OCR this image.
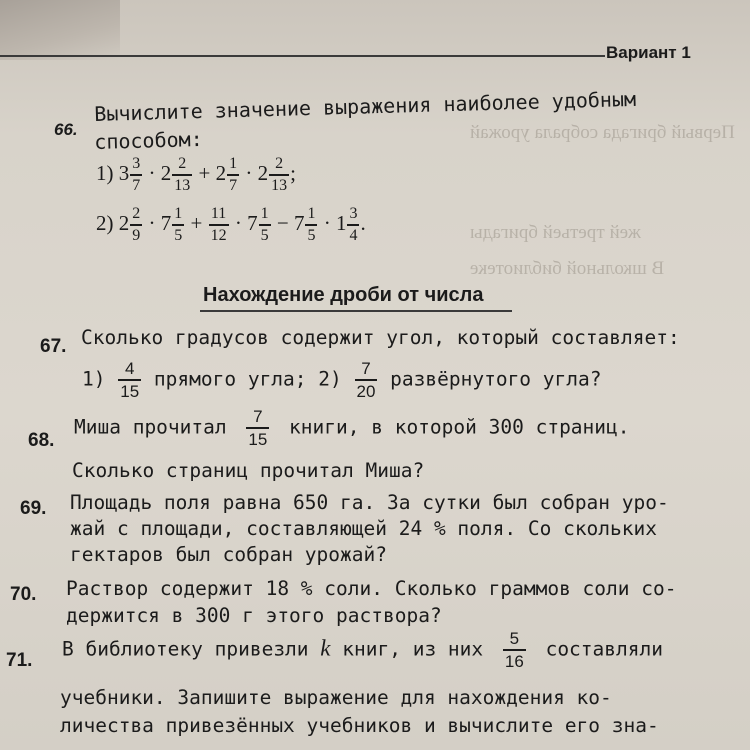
Первый бригада собрала урожай
жей третьей бригады
В школьной библиотеке
Вариант 1
66.
Вычислите значение выражения наиболее удобным
способом:
1) $3 \frac{3}{7} \cdot 2 \frac{2}{13} + 2 \frac{1}{7} \cdot 2 \frac{2}{13}$ ;
2) $2 \frac{2}{9} \cdot 7 \frac{1}{5} + \frac{11}{12} \cdot 7 \frac{1}{5} - 7 \frac{1}{5} \cdot 1 \frac{3}{4}$ .
Нахождение дроби от числа
67. Сколько градусов содержит угол, который составляет:
$1) \frac{4}{15}$ прямого угла; $2) \frac{7}{20}$ развёрнутого угла?
68.
Миша прочитал $\frac{7}{15}$ книги, в которой 300 страниц.
Сколько страниц прочитал Миша?
69. Площадь поля равна 650 га. За сутки был собран уро-
жай с площади, составляющей 24 % поля. Со скольких
гектаров был собран урожай?
70. Раствор содержит 18 % соли. Сколько граммов соли со-
держится в 300 г этого раствора?
71. В библиотеку привезли k книг, из них $\frac{5}{16}$ составляли
учебники. Запишите выражение для нахождения ко-
личества привезённых учебников и вычислите его зна-
